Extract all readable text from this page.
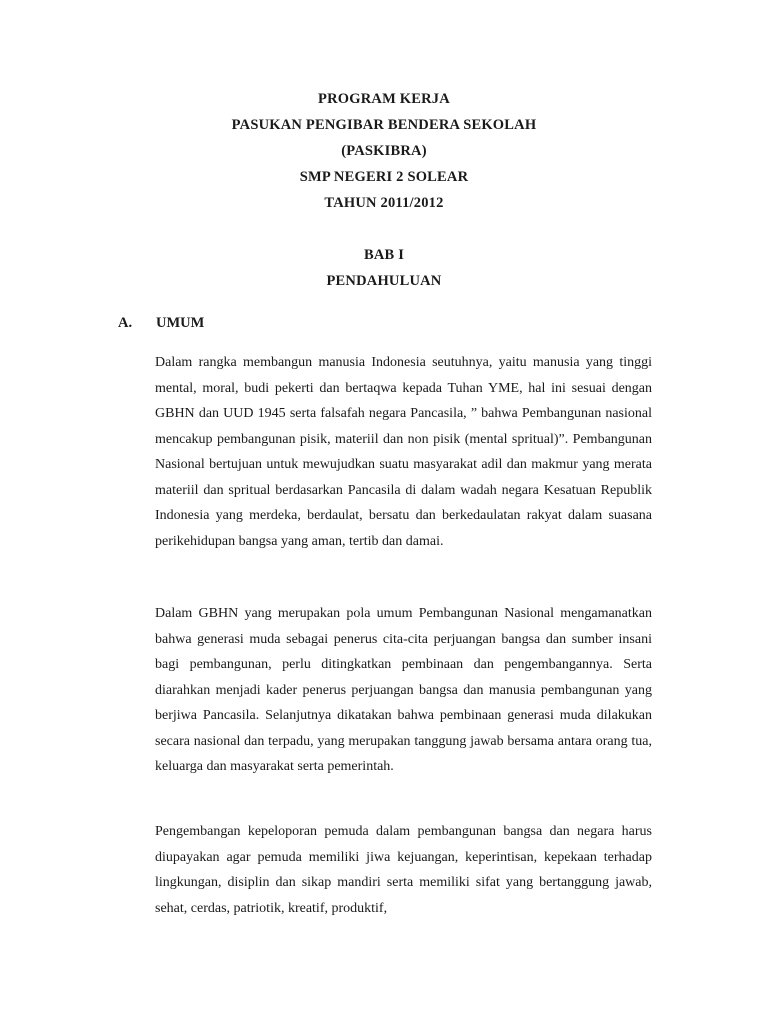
PROGRAM KERJA
PASUKAN PENGIBAR BENDERA SEKOLAH
(PASKIBRA)
SMP NEGERI 2 SOLEAR
TAHUN 2011/2012
BAB I
PENDAHULUAN
A. UMUM

Dalam rangka membangun manusia Indonesia seutuhnya, yaitu manusia yang tinggi mental, moral, budi pekerti dan bertaqwa kepada Tuhan YME, hal ini sesuai dengan GBHN dan UUD 1945 serta falsafah negara Pancasila, ” bahwa Pembangunan nasional mencakup pembangunan pisik, materiil dan non pisik (mental spritual)”. Pembangunan Nasional bertujuan untuk mewujudkan suatu masyarakat adil dan makmur yang merata materiil dan spritual berdasarkan Pancasila di dalam wadah negara Kesatuan Republik Indonesia yang merdeka, berdaulat, bersatu dan berkedaulatan rakyat dalam suasana perikehidupan bangsa yang aman, tertib dan damai.

Dalam GBHN yang merupakan pola umum Pembangunan Nasional mengamanatkan bahwa generasi muda sebagai penerus cita-cita perjuangan bangsa dan sumber insani bagi pembangunan, perlu ditingkatkan pembinaan dan pengembangannya. Serta diarahkan menjadi kader penerus perjuangan bangsa dan manusia pembangunan yang berjiwa Pancasila. Selanjutnya dikatakan bahwa pembinaan generasi muda dilakukan secara nasional dan terpadu, yang merupakan tanggung jawab bersama antara orang tua, keluarga dan masyarakat serta pemerintah.

Pengembangan kepeloporan pemuda dalam pembangunan bangsa dan negara harus diupayakan agar pemuda memiliki jiwa kejuangan, keperintisan, kepekaan terhadap lingkungan, disiplin dan sikap mandiri serta memiliki sifat yang bertanggung jawab, sehat, cerdas, patriotik, kreatif, produktif,
